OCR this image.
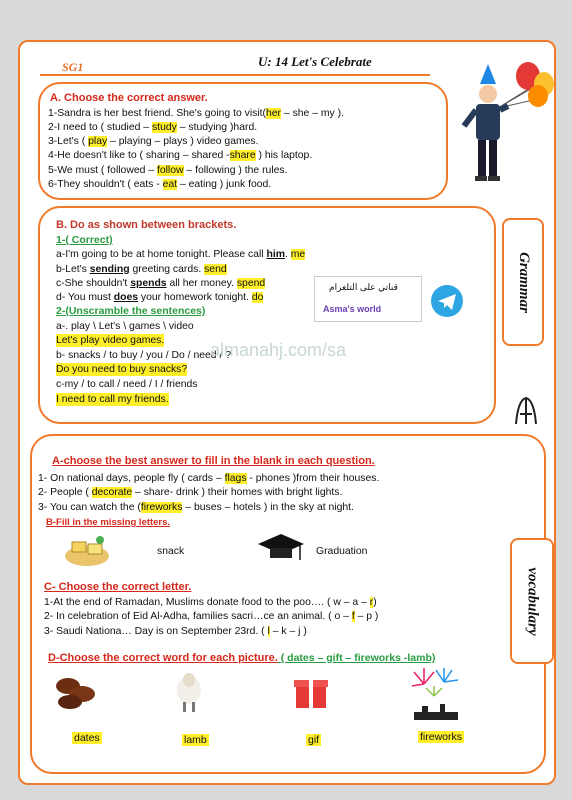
SG1	U: 14 Let's Celebrate
A. Choose the correct answer.
1-Sandra is her best friend. She's going to visit(her – she – my ).
2-I need to ( studied – study – studying )hard.
3-Let's ( play – playing – plays ) video games.
4-He doesn't like to ( sharing – shared -share ) his laptop.
5-We must ( followed – follow – following ) the rules.
6-They shouldn't ( eats - eat – eating ) junk food.
B. Do as shown between brackets.
1-( Correct)
a-I'm going to be at home tonight. Please call him. me
b-Let's sending greeting cards. send
c-She shouldn't spends all her money. spend
d- You must does your homework tonight. do
2-(Unscramble the sentences)
a-. play \ Let's \ games \ video
Let's play video games.
b- snacks / to buy / you / Do / need / ?
Do you need to buy snacks?
c-my / to call / need / I / friends
I need to call my friends.
قناتي على التلغرام
Asma's world
almanahj.com/sa
Grammar
vocabulary
A-choose the best answer to fill in the blank in each question.
1- On national days, people fly ( cards – flags - phones )from their houses.
2- People ( decorate – share- drink ) their homes with bright lights.
3- You can watch the (fireworks – buses – hotels ) in the sky at night.
B-Fill in the missing letters.
snack	Graduation
C- Choose the correct letter.
1-At the end of Ramadan, Muslims donate food to the poo…. ( w – a – r)
2- In celebration of Eid Al-Adha, families sacri…ce an animal. ( o – f – p )
3- Saudi Nationa… Day is on September 23rd. ( l – k – j )
D-Choose the correct word for each picture. ( dates – gift – fireworks -lamb)
dates	lamb	gif	fireworks
